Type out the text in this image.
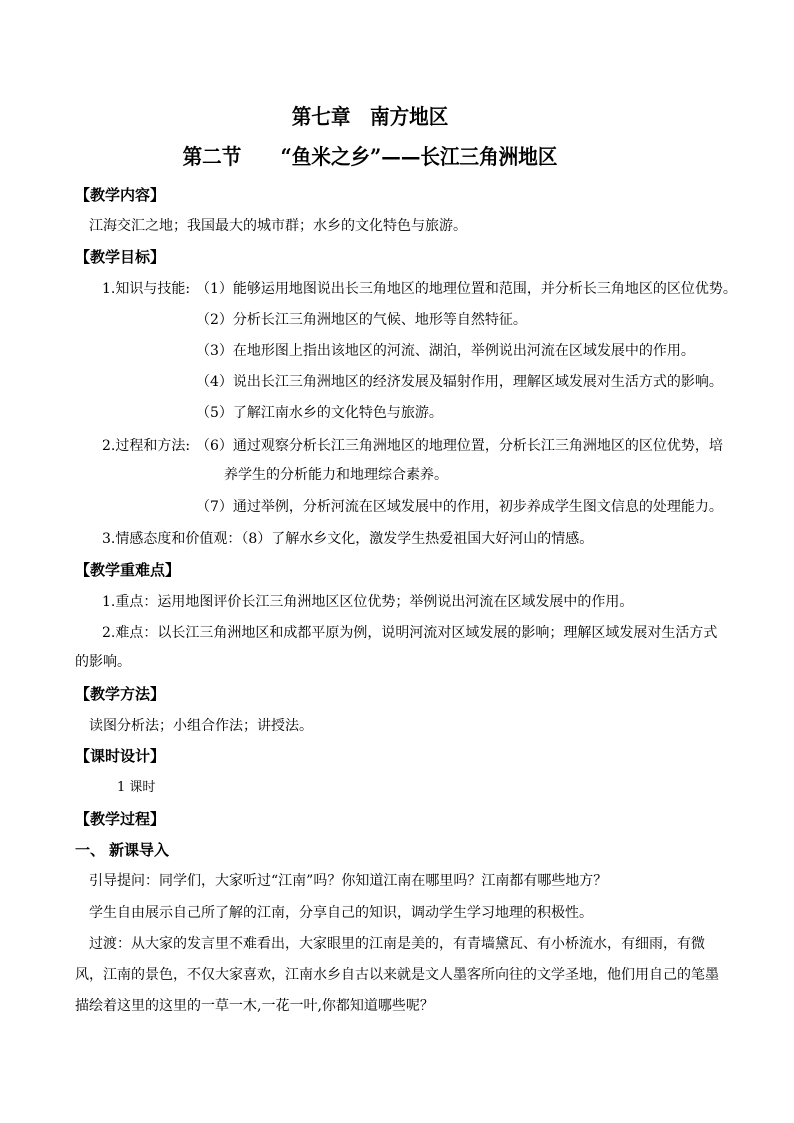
第七章　南方地区
第二节　　“鱼米之乡”——长江三角洲地区
【教学内容】
江海交汇之地；我国最大的城市群；水乡的文化特色与旅游。
【教学目标】
1.知识与技能: （1）能够运用地图说出长三角地区的地理位置和范围，并分析长三角地区的区位优势。
（2）分析长江三角洲地区的气候、地形等自然特征。
（3）在地形图上指出该地区的河流、湖泊，举例说出河流在区域发展中的作用。
（4）说出长江三角洲地区的经济发展及辐射作用，理解区域发展对生活方式的影响。
（5）了解江南水乡的文化特色与旅游。
2.过程和方法: （6）通过观察分析长江三角洲地区的地理位置，分析长江三角洲地区的区位优势，培
养学生的分析能力和地理综合素养。
（7）通过举例，分析河流在区域发展中的作用，初步养成学生图文信息的处理能力。
3.情感态度和价值观：（8）了解水乡文化，激发学生热爱祖国大好河山的情感。
【教学重难点】
1.重点：运用地图评价长江三角洲地区区位优势；举例说出河流在区域发展中的作用。
2.难点：以长江三角洲地区和成都平原为例，说明河流对区域发展的影响；理解区域发展对生活方式
的影响。
【教学方法】
读图分析法；小组合作法；讲授法。
【课时设计】
1 课时
【教学过程】
一、 新课导入
引导提问：同学们，大家听过“江南”吗？你知道江南在哪里吗？江南都有哪些地方？
学生自由展示自己所了解的江南，分享自己的知识，调动学生学习地理的积极性。
过渡：从大家的发言里不难看出，大家眼里的江南是美的，有青墙黛瓦、有小桥流水，有细雨，有微
风，江南的景色，不仅大家喜欢，江南水乡自古以来就是文人墨客所向往的文学圣地，他们用自己的笔墨
描绘着这里的这里的一草一木,一花一叶,你都知道哪些呢？
